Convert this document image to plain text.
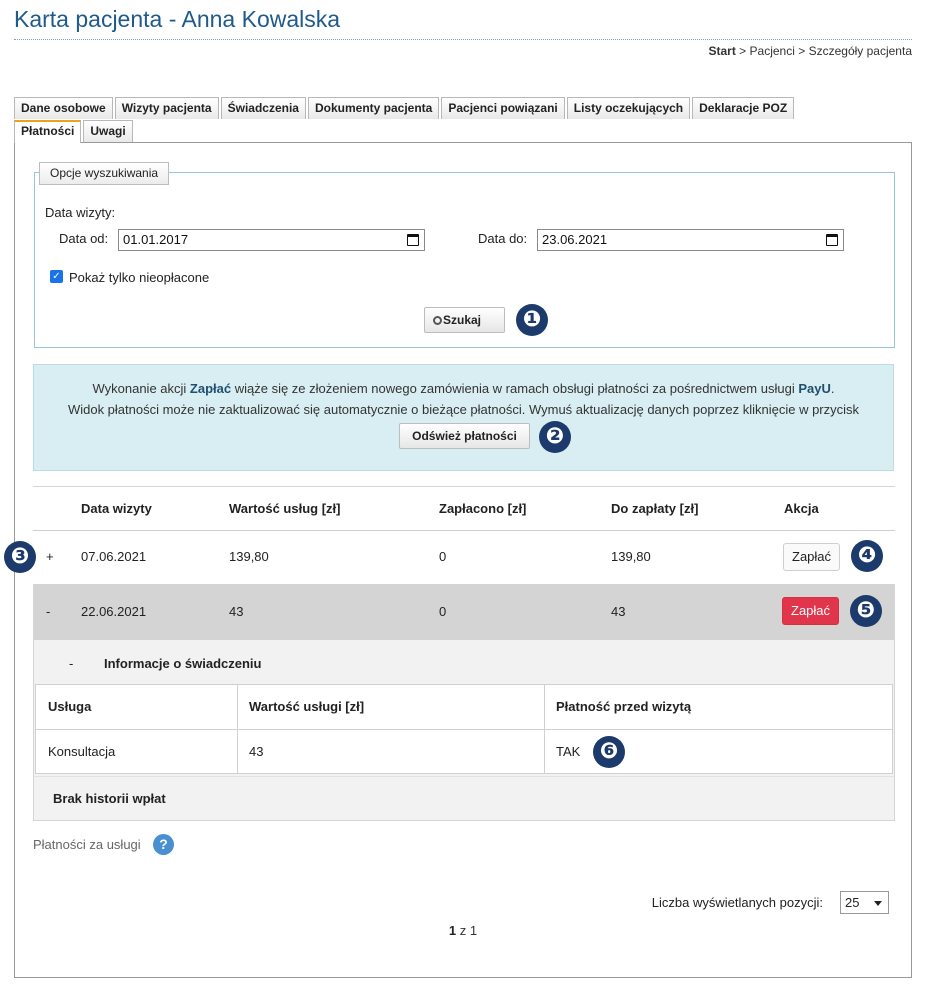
Karta pacjenta - Anna Kowalska
Start > Pacjenci > Szczegóły pacjenta
Dane osobowe	Wizyty pacjenta	Świadczenia	Dokumenty pacjenta	Pacjenci powiązani	Listy oczekujących	Deklaracje POZ
Płatności	Uwagi
Opcje wyszukiwania
Data wizyty:
Data od: 01.01.2017	Data do: 23.06.2021
✓ Pokaż tylko nieopłacone
Szukaj	❶
Wykonanie akcji Zapłać wiąże się ze złożeniem nowego zamówienia w ramach obsługi płatności za pośrednictwem usługi PayU.
Widok płatności może nie zaktualizować się automatycznie o bieżące płatności. Wymuś aktualizację danych poprzez kliknięcie w przycisk
Odśwież płatności	❷
Data wizyty	Wartość usług [zł]	Zapłacono [zł]	Do zapłaty [zł]	Akcja
❸	+ 07.06.2021	139,80	0	139,80	Zapłać	❹
- 22.06.2021	43	0	43	Zapłać	❺
- Informacje o świadczeniu
Usługa	Wartość usługi [zł]	Płatność przed wizytą
Konsultacja	43	TAK ❻
Brak historii wpłat
Płatności za usługi	?
Liczba wyświetlanych pozycji:	25
1 z 1
